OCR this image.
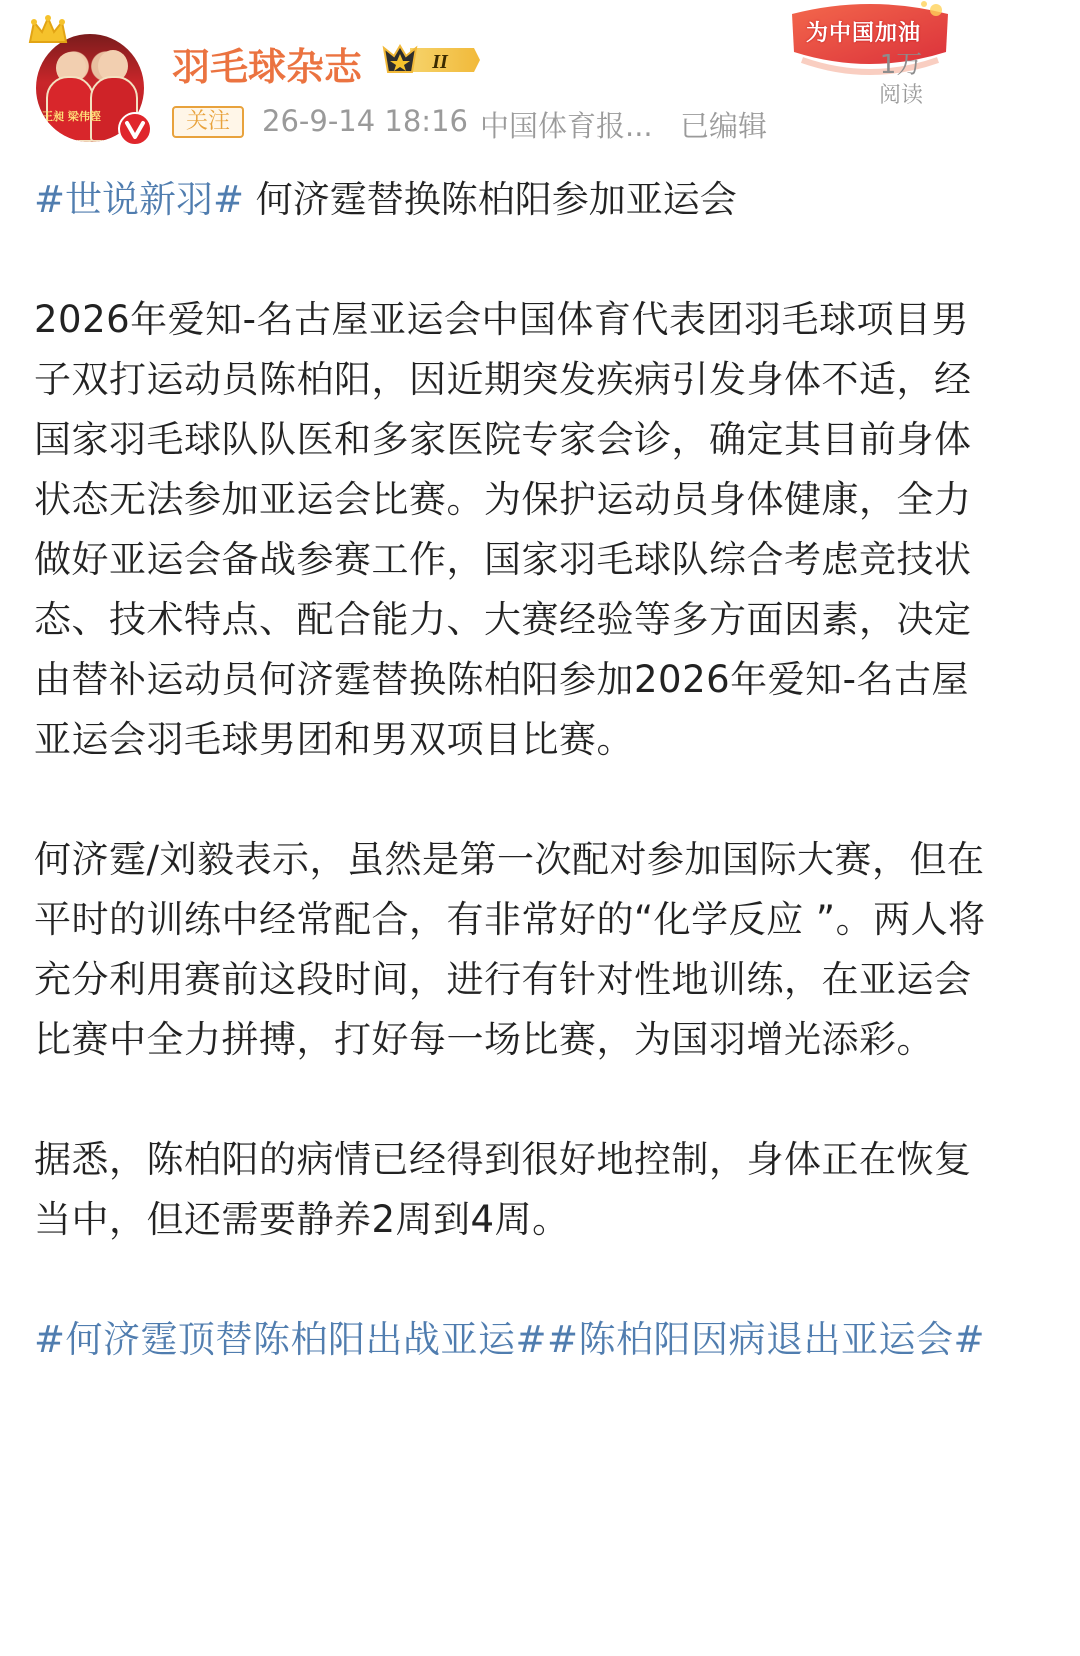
王昶 梁伟铿
羽毛球杂志	II
关注	26-9-14 18:16 中国体育报... 已编辑
为中国加油
1万
阅读

#世说新羽# 何济霆替换陈柏阳参加亚运会

2026年爱知-名古屋亚运会中国体育代表团羽毛球项目男子双打运动员陈柏阳，因近期突发疾病引发身体不适，经国家羽毛球队队医和多家医院专家会诊，确定其目前身体状态无法参加亚运会比赛。为保护运动员身体健康，全力做好亚运会备战参赛工作，国家羽毛球队综合考虑竞技状态、技术特点、配合能力、大赛经验等多方面因素，决定由替补运动员何济霆替换陈柏阳参加2026年爱知-名古屋亚运会羽毛球男团和男双项目比赛。

何济霆/刘毅表示，虽然是第一次配对参加国际大赛，但在平时的训练中经常配合，有非常好的“化学反应 ”。两人将充分利用赛前这段时间，进行有针对性地训练，在亚运会比赛中全力拼搏，打好每一场比赛，为国羽增光添彩。

据悉，陈柏阳的病情已经得到很好地控制，身体正在恢复当中，但还需要静养2周到4周。

#何济霆顶替陈柏阳出战亚运##陈柏阳因病退出亚运会#
